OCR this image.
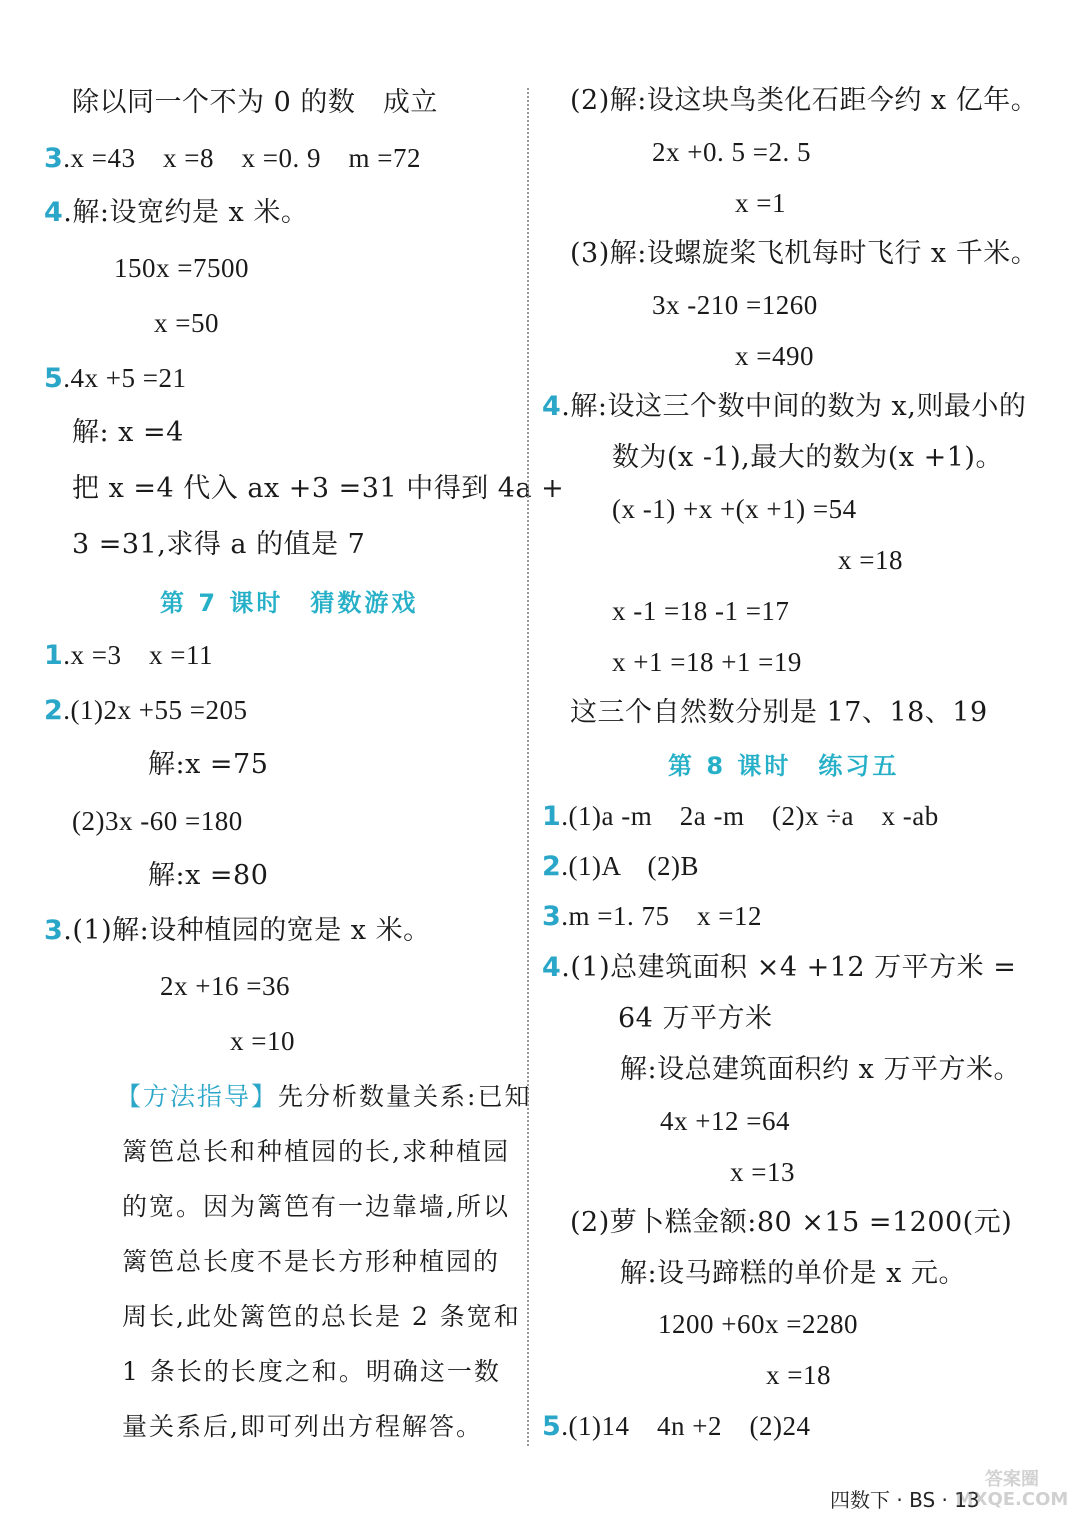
除以同一个不为 0 的数　成立
3.x =43　x =8　x =0. 9　m =72
4.解:设宽约是 x 米。
150x =7500
x =50
5.4x +5 =21
解: x =4
把 x =4 代入 ax +3 =31 中得到 4a +
3 =31,求得 a 的值是 7
第 7 课时　猜数游戏
1.x =3　x =11
2.(1)2x +55 =205
解:x =75
(2)3x -60 =180
解:x =80
3.(1)解:设种植园的宽是 x 米。
2x +16 =36
x =10
【方法指导】先分析数量关系:已知
篱笆总长和种植园的长,求种植园
的宽。因为篱笆有一边靠墙,所以
篱笆总长度不是长方形种植园的
周长,此处篱笆的总长是 2 条宽和
1 条长的长度之和。明确这一数
量关系后,即可列出方程解答。
(2)解:设这块鸟类化石距今约 x 亿年。
2x +0. 5 =2. 5
x =1
(3)解:设螺旋桨飞机每时飞行 x 千米。
3x -210 =1260
x =490
4.解:设这三个数中间的数为 x,则最小的
数为(x -1),最大的数为(x +1)。
(x -1) +x +(x +1) =54
x =18
x -1 =18 -1 =17
x +1 =18 +1 =19
这三个自然数分别是 17、18、19
第 8 课时　练习五
1.(1)a -m　2a -m　(2)x ÷a　x -ab
2.(1)A　(2)B
3.m =1. 75　x =12
4.(1)总建筑面积 ×4 +12 万平方米 =
64 万平方米
解:设总建筑面积约 x 万平方米。
4x +12 =64
x =13
(2)萝卜糕金额:80 ×15 =1200(元)
解:设马蹄糕的单价是 x 元。
1200 +60x =2280
x =18
5.(1)14　4n +2　(2)24
四数下 · BS · 13
答案圈 MXQE.COM
